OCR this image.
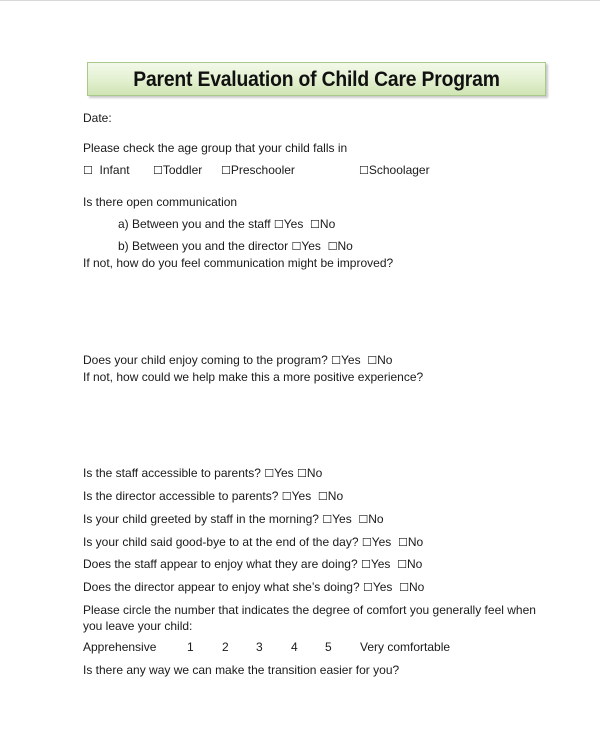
Parent Evaluation of Child Care Program
Date:
Please check the age group that your child falls in
☐ Infant ☐Toddler ☐Preschooler	☐Schoolager
Is there open communication
a) Between you and the staff ☐Yes ☐No
b) Between you and the director ☐Yes ☐No
If not, how do you feel communication might be improved?
Does your child enjoy coming to the program? ☐Yes ☐No
If not, how could we help make this a more positive experience?
Is the staff accessible to parents? ☐Yes ☐No
Is the director accessible to parents? ☐Yes ☐No
Is your child greeted by staff in the morning? ☐Yes ☐No
Is your child said good-bye to at the end of the day? ☐Yes ☐No
Does the staff appear to enjoy what they are doing? ☐Yes ☐No
Does the director appear to enjoy what she’s doing? ☐Yes ☐No
Please circle the number that indicates the degree of comfort you generally feel when
you leave your child:
Apprehensive	1 2 3 4 5 Very comfortable
Is there any way we can make the transition easier for you?
